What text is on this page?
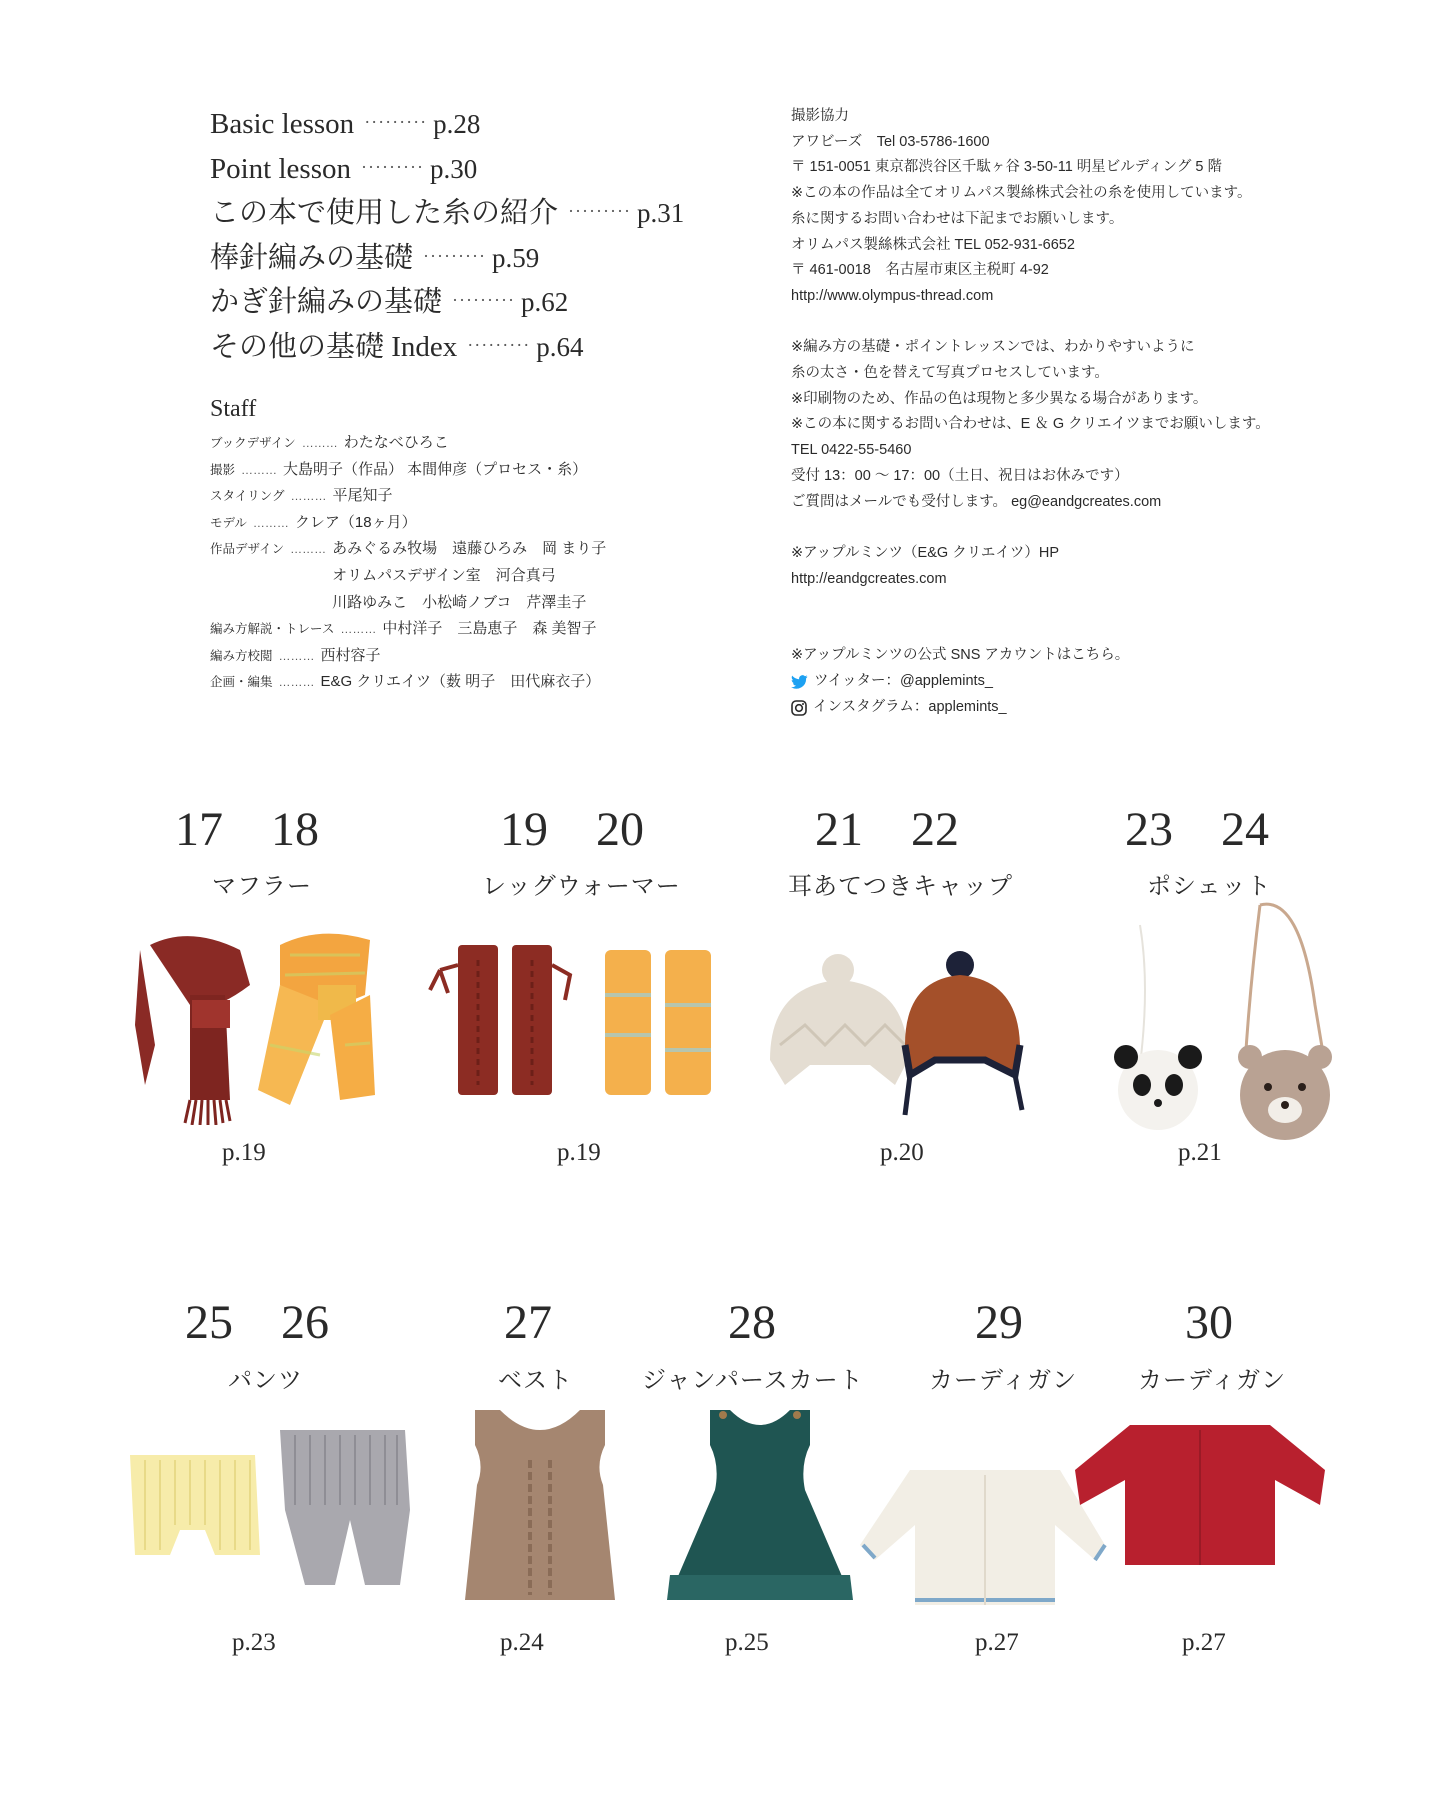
Basic lesson ········· p.28
Point lesson ········· p.30
この本で使用した糸の紹介 ········· p.31
棒針編みの基礎 ········· p.59
かぎ針編みの基礎 ········· p.62
その他の基礎 Index ········· p.64
Staff
ブックデザイン ……… わたなべひろこ
撮影 ……… 大島明子（作品） 本間伸彦（プロセス・糸）
スタイリング ……… 平尾知子
モデル ……… クレア（18ヶ月）
作品デザイン ……… あみぐるみ牧場　遠藤ひろみ　岡 まり子
オリムパスデザイン室　河合真弓
川路ゆみこ　小松崎ノブコ　芹澤圭子
編み方解説・トレース ……… 中村洋子　三島恵子　森 美智子
編み方校閲 ……… 西村容子
企画・編集 ……… E&G クリエイツ（薮 明子　田代麻衣子）
撮影協力
アワビーズ　Tel 03-5786-1600
〒 151-0051 東京都渋谷区千駄ヶ谷 3-50-11 明星ビルディング 5 階
※この本の作品は全てオリムパス製絲株式会社の糸を使用しています。
糸に関するお問い合わせは下記までお願いします。
オリムパス製絲株式会社 TEL 052-931-6652
〒 461-0018　名古屋市東区主税町 4-92
http://www.olympus-thread.com
※編み方の基礎・ポイントレッスンでは、わかりやすいように
糸の太さ・色を替えて写真プロセスしています。
※印刷物のため、作品の色は現物と多少異なる場合があります。
※この本に関するお問い合わせは、E ＆ G クリエイツまでお願いします。
TEL 0422-55-5460
受付 13：00 ～ 17：00（土日、祝日はお休みです）
ご質問はメールでも受付します。 eg@eandgcreates.com
※アップルミンツ（E&G クリエイツ）HP
http://eandgcreates.com
※アップルミンツの公式 SNS アカウントはこちら。
ツイッター：@applemints_
インスタグラム：applemints_
17　18
マフラー
p.19
19　20
レッグウォーマー
p.19
21　22
耳あてつきキャップ
p.20
23　24
ポシェット
p.21
25　26
パンツ
p.23
27
ベスト
p.24
28
ジャンパースカート
p.25
29
カーディガン
p.27
30
カーディガン
p.27
